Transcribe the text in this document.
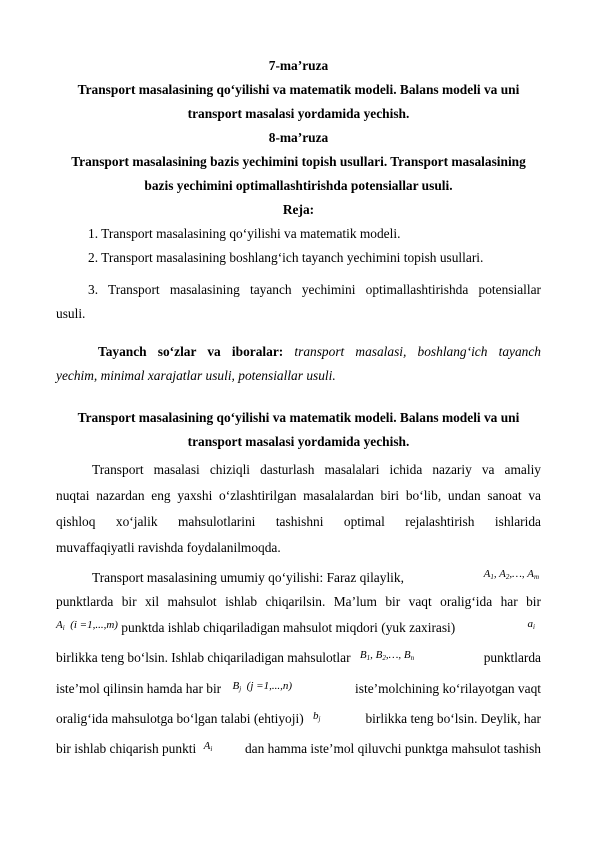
7-ma’ruza
Transport masalasining qo‘yilishi va matematik modeli. Balans modeli va uni
transport masalasi yordamida yechish.
8-ma’ruza
Transport masalasining bazis yechimini topish usullari. Transport masalasining
bazis yechimini optimallashtirishda potensiallar usuli.
Reja:
1. Transport masalasining qo‘yilishi va matematik modeli.
2. Transport masalasining boshlang‘ich tayanch yechimini topish usullari.
3. Transport masalasining tayanch yechimini optimallashtirishda potensiallar
usuli.
Tayanch so‘zlar va iboralar: transport masalasi, boshlang‘ich tayanch
yechim, minimal xarajatlar usuli, potensiallar usuli.
Transport masalasining qo‘yilishi va matematik modeli. Balans modeli va uni
transport masalasi yordamida yechish.
Transport masalasi chiziqli dasturlash masalalari ichida nazariy va amaliy
nuqtai nazardan eng yaxshi o‘zlashtirilgan masalalardan biri bo‘lib, undan sanoat va
qishloq xo‘jalik mahsulotlarini tashishni optimal rejalashtirish ishlarida
muvaffaqiyatli ravishda foydalanilmoqda.
Transport masalasining umumiy qo‘yilishi: Faraz qilaylik,	$A_1$, $A_2,\dots$, $A_m$
punktlarda bir xil mahsulot ishlab chiqarilsin. Ma’lum bir vaqt oralig‘ida har bir
$^{A_i (i =1,...,m)}$ punktda ishlab chiqariladigan mahsulot miqdori (yuk zaxirasi)	$a_i$
birlikka teng bo‘lsin. Ishlab chiqariladigan mahsulotlar $^{B_1, B_2,\dots, B_n}$	punktlarda
iste’mol qilinsin hamda har bir $^{B_j (j =1,...,n)}$	iste’molchining ko‘rilayotgan vaqt
oralig‘ida mahsulotga bo‘lgan talabi (ehtiyoji) $^{b_j}$	birlikka teng bo‘lsin. Deylik, har
bir ishlab chiqarish punkti $^{A_i}$ dan hamma iste’mol qiluvchi punktga mahsulot tashish
